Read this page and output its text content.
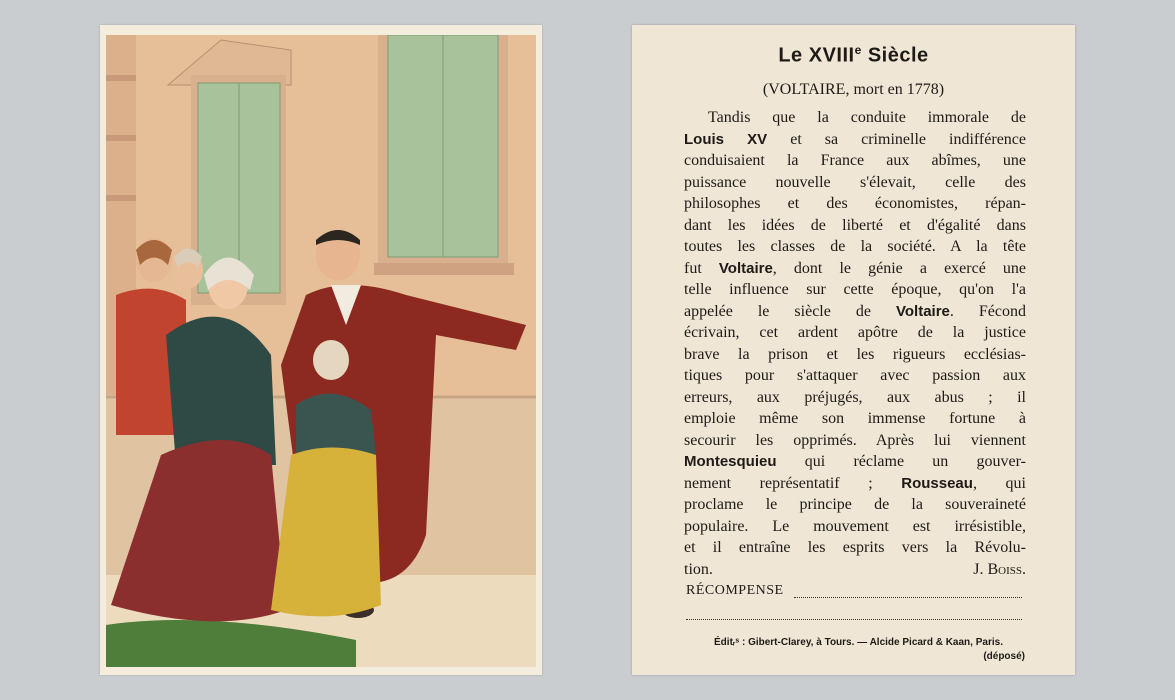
Le XVIIIe Siècle
(VOLTAIRE, mort en 1778)
Tandis que la conduite immorale de
Louis XV et sa criminelle indifférence
conduisaient la France aux abîmes, une
puissance nouvelle s'élevait, celle des
philosophes et des économistes, répan-
dant les idées de liberté et d'égalité dans
toutes les classes de la société. A la tête
fut Voltaire, dont le génie a exercé une
telle influence sur cette époque, qu'on l'a
appelée le siècle de Voltaire. Fécond
écrivain, cet ardent apôtre de la justice
brave la prison et les rigueurs ecclésias-
tiques pour s'attaquer avec passion aux
erreurs, aux préjugés, aux abus ; il
emploie même son immense fortune à
secourir les opprimés. Après lui viennent
Montesquieu qui réclame un gouver-
nement représentatif ; Rousseau, qui
proclame le principe de la souveraineté
populaire. Le mouvement est irrésistible,
et il entraîne les esprits vers la Révolu-
tion.	J. Boiss.
RÉCOMPENSE
Éditᵣˢ : Gibert-Clarey, à Tours. — Alcide Picard & Kaan, Paris.
(déposé)
